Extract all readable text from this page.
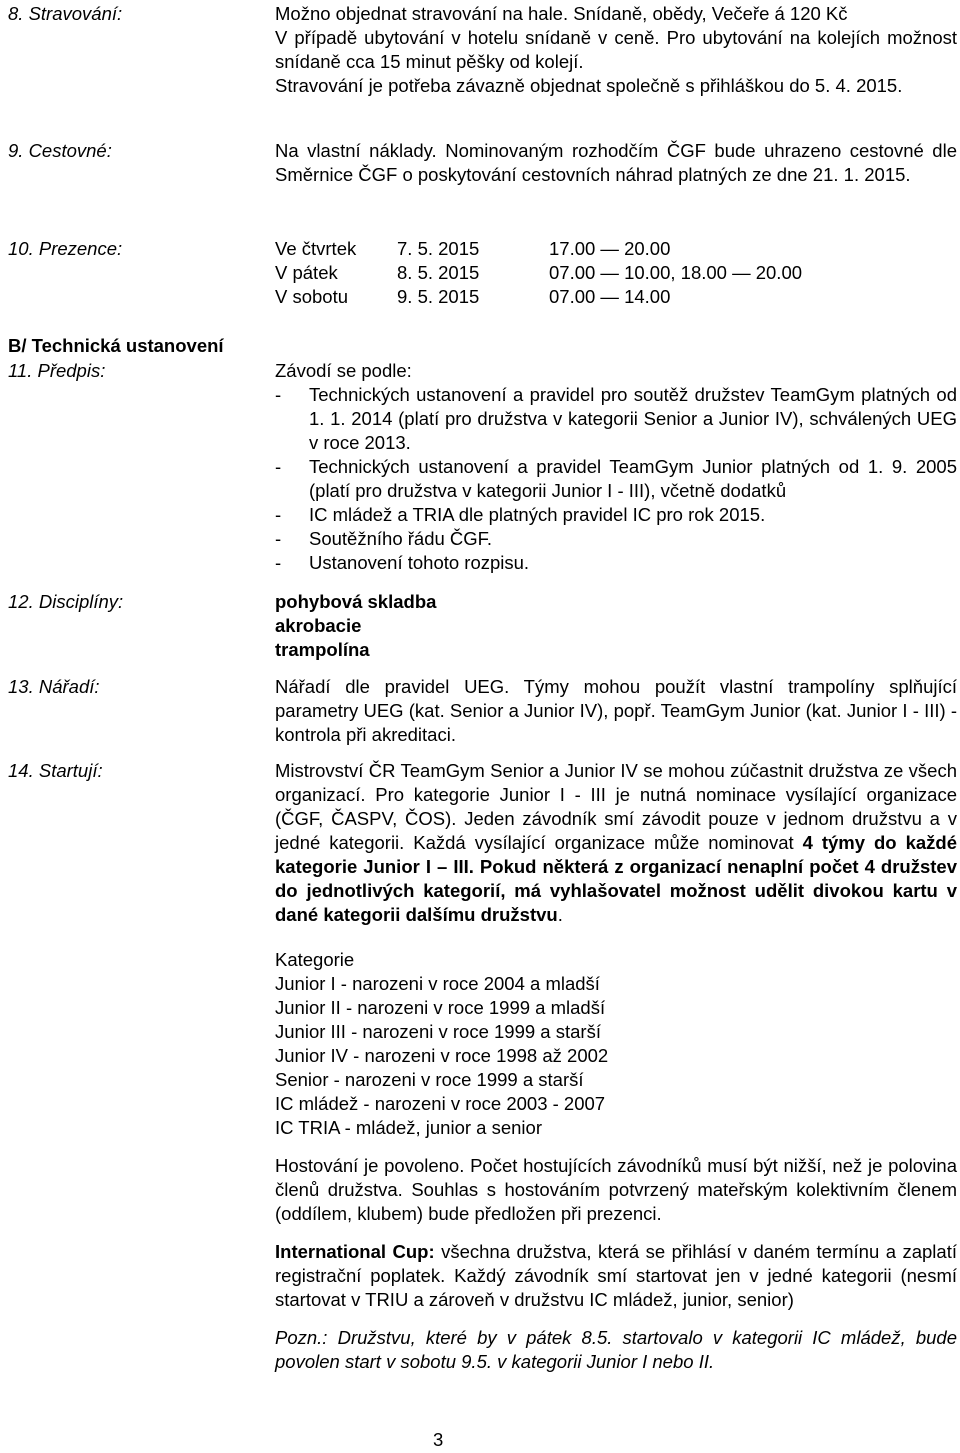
8. Stravování:	Možno objednat stravování na hale. Snídaně, obědy, Večeře á 120 Kč

V případě ubytování v hotelu snídaně v ceně. Pro ubytování na kolejích možnost snídaně cca 15 minut pěšky od kolejí.

Stravování je potřeba závazně objednat společně s přihláškou do 5. 4. 2015.

9. Cestovné:	Na vlastní náklady. Nominovaným rozhodčím ČGF bude uhrazeno cestovné dle Směrnice ČGF o poskytování cestovních náhrad platných ze dne 21. 1. 2015.

10. Prezence:	Ve čtvrtek	7. 5. 2015	17.00 — 20.00
V pátek	8. 5. 2015	07.00 — 10.00, 18.00 — 20.00
V sobotu	9. 5. 2015	07.00 — 14.00
B/ Technická ustanovení
11. Předpis:	Závodí se podle:

- Technických ustanovení a pravidel pro soutěž družstev TeamGym platných od 1. 1. 2014 (platí pro družstva v kategorii Senior a Junior IV), schválených UEG v roce 2013.
- Technických ustanovení a pravidel TeamGym Junior platných od 1. 9. 2005 (platí pro družstva v kategorii Junior I - III), včetně dodatků
- IC mládež a TRIA dle platných pravidel IC pro rok 2015.
- Soutěžního řádu ČGF.
- Ustanovení tohoto rozpisu.
12. Disciplíny:	pohybová skladba

akrobacie

trampolína

13. Nářadí:	Nářadí dle pravidel UEG. Týmy mohou použít vlastní trampolíny splňující parametry UEG (kat. Senior a Junior IV), popř. TeamGym Junior (kat. Junior I - III) - kontrola při akreditaci.

14. Startují:	Mistrovství ČR TeamGym Senior a Junior IV se mohou zúčastnit družstva ze všech organizací. Pro kategorie Junior I - III je nutná nominace vysílající organizace (ČGF, ČASPV, ČOS). Jeden závodník smí závodit pouze v jednom družstvu a v jedné kategorii. Každá vysílající organizace může nominovat 4 týmy do každé kategorie Junior I – III. Pokud některá z organizací nenaplní počet 4 družstev do jednotlivých kategorií, má vyhlašovatel možnost udělit divokou kartu v dané kategorii dalšímu družstvu.

Kategorie

Junior I - narozeni v roce 2004 a mladší

Junior II - narozeni v roce 1999 a mladší

Junior III - narozeni v roce 1999 a starší

Junior IV - narozeni v roce 1998 až 2002

Senior - narozeni v roce 1999 a starší

IC mládež - narozeni v roce 2003 - 2007

IC TRIA - mládež, junior a senior

Hostování je povoleno. Počet hostujících závodníků musí být nižší, než je polovina členů družstva. Souhlas s hostováním potvrzený mateřským kolektivním členem (oddílem, klubem) bude předložen při prezenci.

International Cup: všechna družstva, která se přihlásí v daném termínu a zaplatí registrační poplatek. Každý závodník smí startovat jen v jedné kategorii (nesmí startovat v TRIU a zároveň v družstvu IC mládež, junior, senior)

Pozn.: Družstvu, které by v pátek 8.5. startovalo v kategorii IC mládež, bude povolen start v sobotu 9.5. v kategorii Junior I nebo II.

3
